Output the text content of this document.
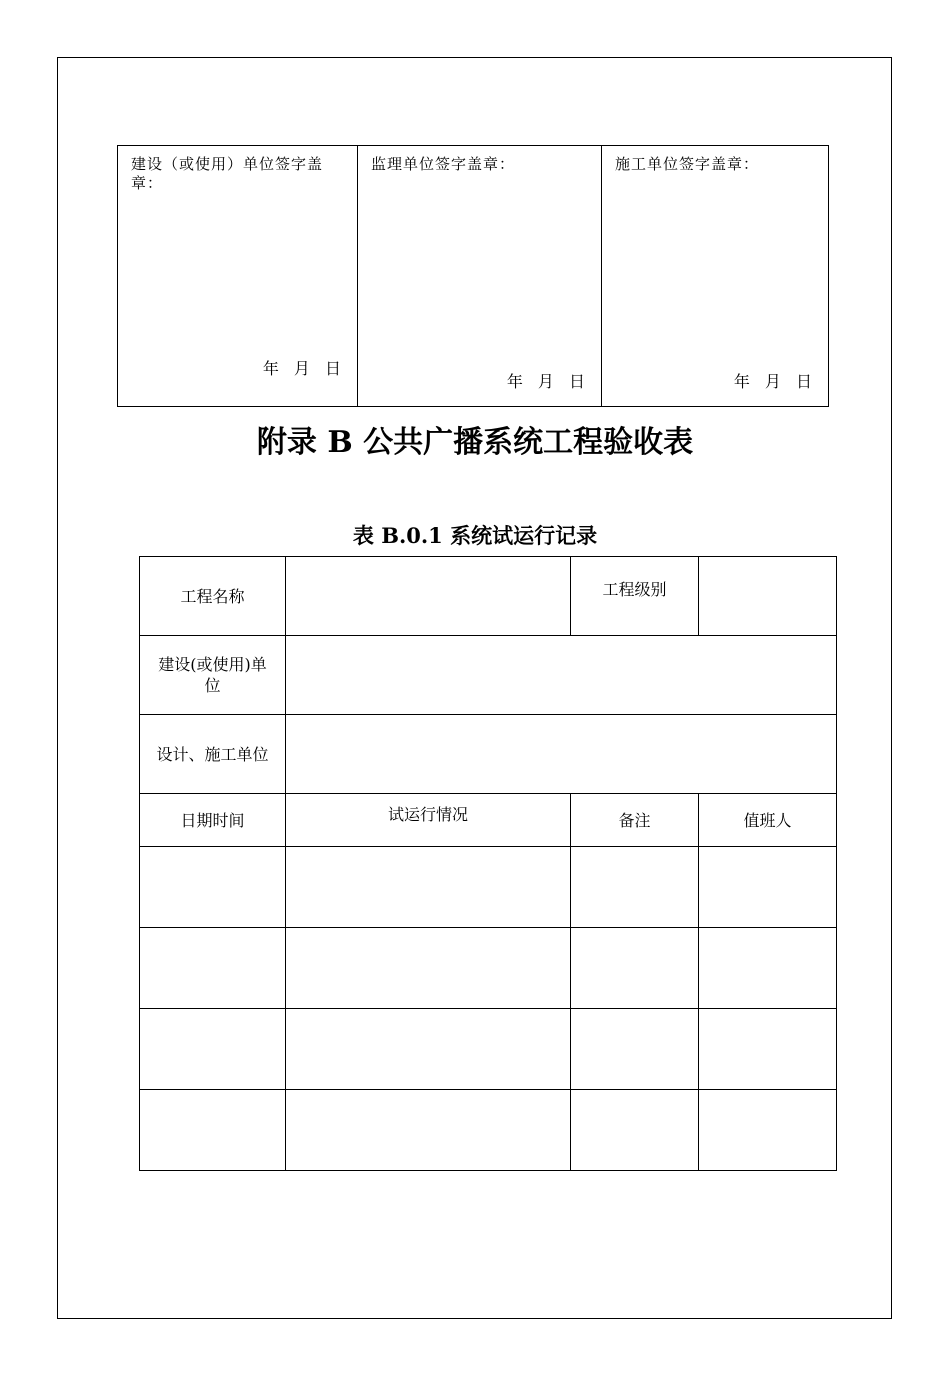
建设（或使用）单位签字盖章：
年 月 日

监理单位签字盖章：
年 月 日

施工单位签字盖章：
年 月 日
附录 B 公共广播系统工程验收表
表 B.0.1 系统试运行记录
工程名称		工程级别	
建设(或使用)单位			
设计、施工单位			
日期时间	试运行情况	备注	值班人
